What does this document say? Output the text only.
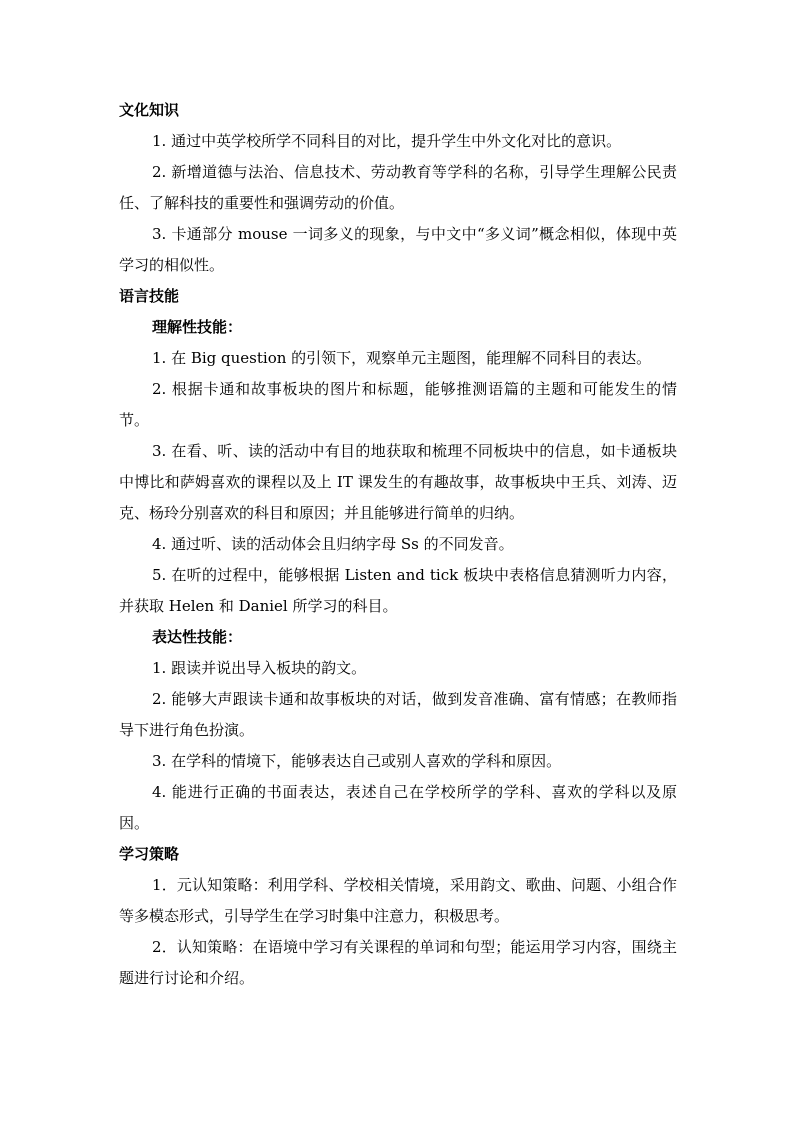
文化知识

1. 通过中英学校所学不同科目的对比，提升学生中外文化对比的意识。

2. 新增道德与法治、信息技术、劳动教育等学科的名称，引导学生理解公民责任、了解科技的重要性和强调劳动的价值。

3. 卡通部分 mouse 一词多义的现象，与中文中“多义词”概念相似，体现中英学习的相似性。

语言技能

理解性技能：

1. 在 Big question 的引领下，观察单元主题图，能理解不同科目的表达。

2. 根据卡通和故事板块的图片和标题，能够推测语篇的主题和可能发生的情节。

3. 在看、听、读的活动中有目的地获取和梳理不同板块中的信息，如卡通板块中博比和萨姆喜欢的课程以及上 IT 课发生的有趣故事，故事板块中王兵、刘涛、迈克、杨玲分别喜欢的科目和原因；并且能够进行简单的归纳。

4. 通过听、读的活动体会且归纳字母 Ss 的不同发音。

5. 在听的过程中，能够根据 Listen and tick 板块中表格信息猜测听力内容，并获取 Helen 和 Daniel 所学习的科目。

表达性技能：

1. 跟读并说出导入板块的韵文。

2. 能够大声跟读卡通和故事板块的对话，做到发音准确、富有情感；在教师指导下进行角色扮演。

3. 在学科的情境下，能够表达自己或别人喜欢的学科和原因。

4. 能进行正确的书面表达，表述自己在学校所学的学科、喜欢的学科以及原因。

学习策略

1．元认知策略：利用学科、学校相关情境，采用韵文、歌曲、问题、小组合作等多模态形式，引导学生在学习时集中注意力，积极思考。

2．认知策略：在语境中学习有关课程的单词和句型；能运用学习内容，围绕主题进行讨论和介绍。
